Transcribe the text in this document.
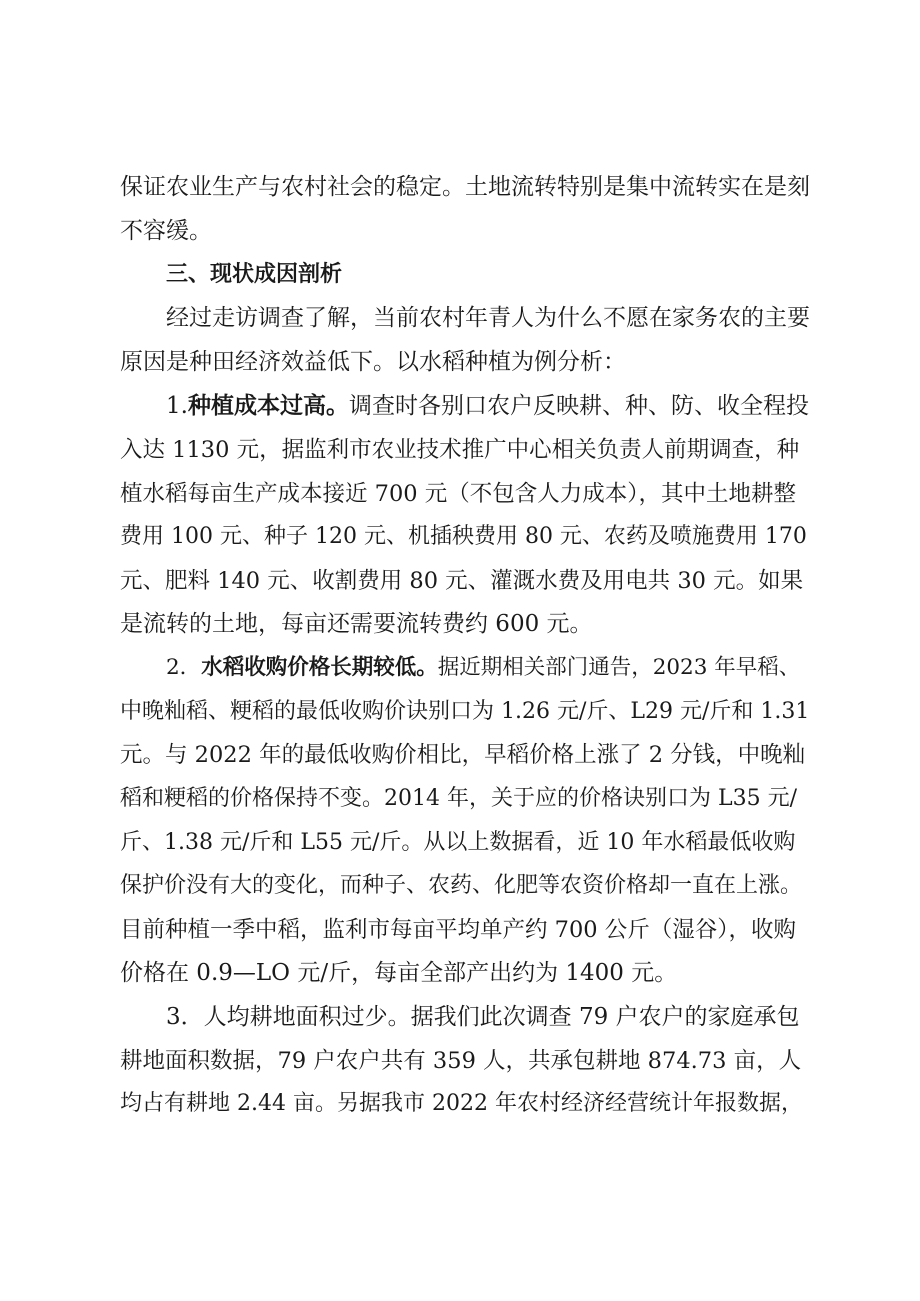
保证农业生产与农村社会的稳定。土地流转特别是集中流转实在是刻
不容缓。
三、现状成因剖析
经过走访调查了解，当前农村年青人为什么不愿在家务农的主要
原因是种田经济效益低下。以水稻种植为例分析：
1.种植成本过高。调查时各别口农户反映耕、种、防、收全程投
入达 1130 元，据监利市农业技术推广中心相关负责人前期调查，种
植水稻每亩生产成本接近 700 元（不包含人力成本），其中土地耕整
费用 100 元、种子 120 元、机插秧费用 80 元、农药及喷施费用 170
元、肥料 140 元、收割费用 80 元、灌溉水费及用电共 30 元。如果
是流转的土地，每亩还需要流转费约 600 元。
2．水稻收购价格长期较低。据近期相关部门通告，2023 年早稻、
中晚籼稻、粳稻的最低收购价诀别口为 1.26 元/斤、L29 元/斤和 1.31
元。与 2022 年的最低收购价相比，早稻价格上涨了 2 分钱，中晚籼
稻和粳稻的价格保持不变。2014 年，关于应的价格诀别口为 L35 元/
斤、1.38 元/斤和 L55 元/斤。从以上数据看，近 10 年水稻最低收购
保护价没有大的变化，而种子、农药、化肥等农资价格却一直在上涨。
目前种植一季中稻，监利市每亩平均单产约 700 公斤（湿谷），收购
价格在 0.9—LO 元/斤，每亩全部产出约为 1400 元。
3．人均耕地面积过少。据我们此次调查 79 户农户的家庭承包
耕地面积数据，79 户农户共有 359 人，共承包耕地 874.73 亩，人
均占有耕地 2.44 亩。另据我市 2022 年农村经济经营统计年报数据，
